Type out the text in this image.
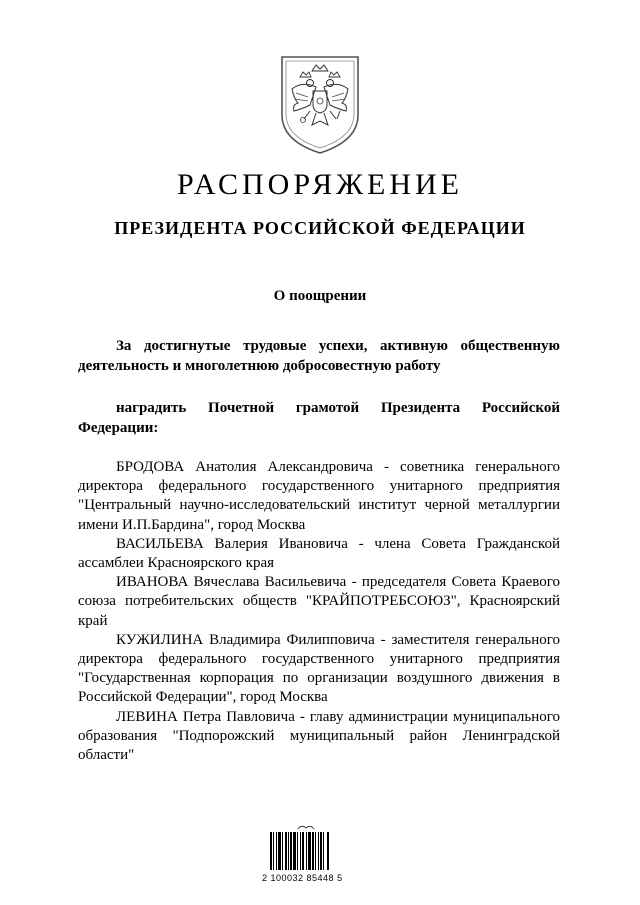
РАСПОРЯЖЕНИЕ
ПРЕЗИДЕНТА РОССИЙСКОЙ ФЕДЕРАЦИИ

О поощрении

За достигнутые трудовые успехи, активную общественную деятельность и многолетнюю добросовестную работу

наградить Почетной грамотой Президента Российской Федерации:

БРОДОВА Анатолия Александровича - советника генерального директора федерального государственного унитарного предприятия "Центральный научно-исследовательский институт черной металлургии имени И.П.Бардина", город Москва

ВАСИЛЬЕВА Валерия Ивановича - члена Совета Гражданской ассамблеи Красноярского края

ИВАНОВА Вячеслава Васильевича - председателя Совета Краевого союза потребительских обществ "КРАЙПОТРЕБСОЮЗ", Красноярский край

КУЖИЛИНА Владимира Филипповича - заместителя генерального директора федерального государственного унитарного предприятия "Государственная корпорация по организации воздушного движения в Российской Федерации", город Москва

ЛЕВИНА Петра Павловича - главу администрации муниципального образования "Подпорожский муниципальный район Ленинградской области"

2 100032 85448 5
